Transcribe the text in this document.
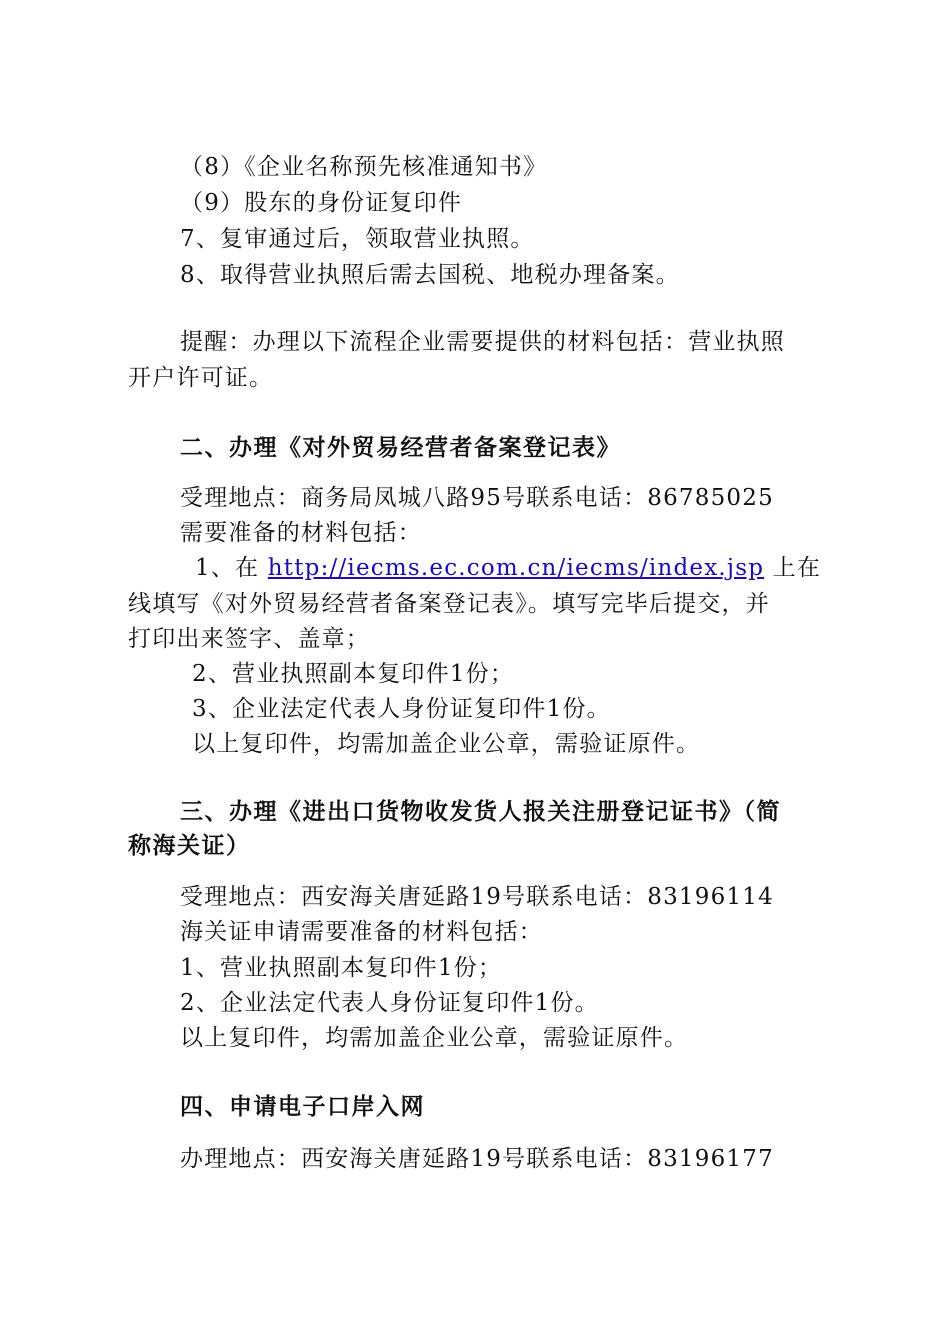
（8）《企业名称预先核准通知书》
（9）股东的身份证复印件
7、复审通过后，领取营业执照。
8、取得营业执照后需去国税、地税办理备案。
提醒：办理以下流程企业需要提供的材料包括：营业执照
开户许可证。
二、办理《对外贸易经营者备案登记表》
受理地点：商务局凤城八路95号联系电话：86785025
需要准备的材料包括：
1、在 http://iecms.ec.com.cn/iecms/index.jsp 上在
线填写《对外贸易经营者备案登记表》。填写完毕后提交，并
打印出来签字、盖章；
2、营业执照副本复印件1份；
3、企业法定代表人身份证复印件1份。
以上复印件，均需加盖企业公章，需验证原件。
三、办理《进出口货物收发货人报关注册登记证书》（简
称海关证）
受理地点：西安海关唐延路19号联系电话：83196114
海关证申请需要准备的材料包括：
1、营业执照副本复印件1份；
2、企业法定代表人身份证复印件1份。
以上复印件，均需加盖企业公章，需验证原件。
四、申请电子口岸入网
办理地点：西安海关唐延路19号联系电话：83196177
